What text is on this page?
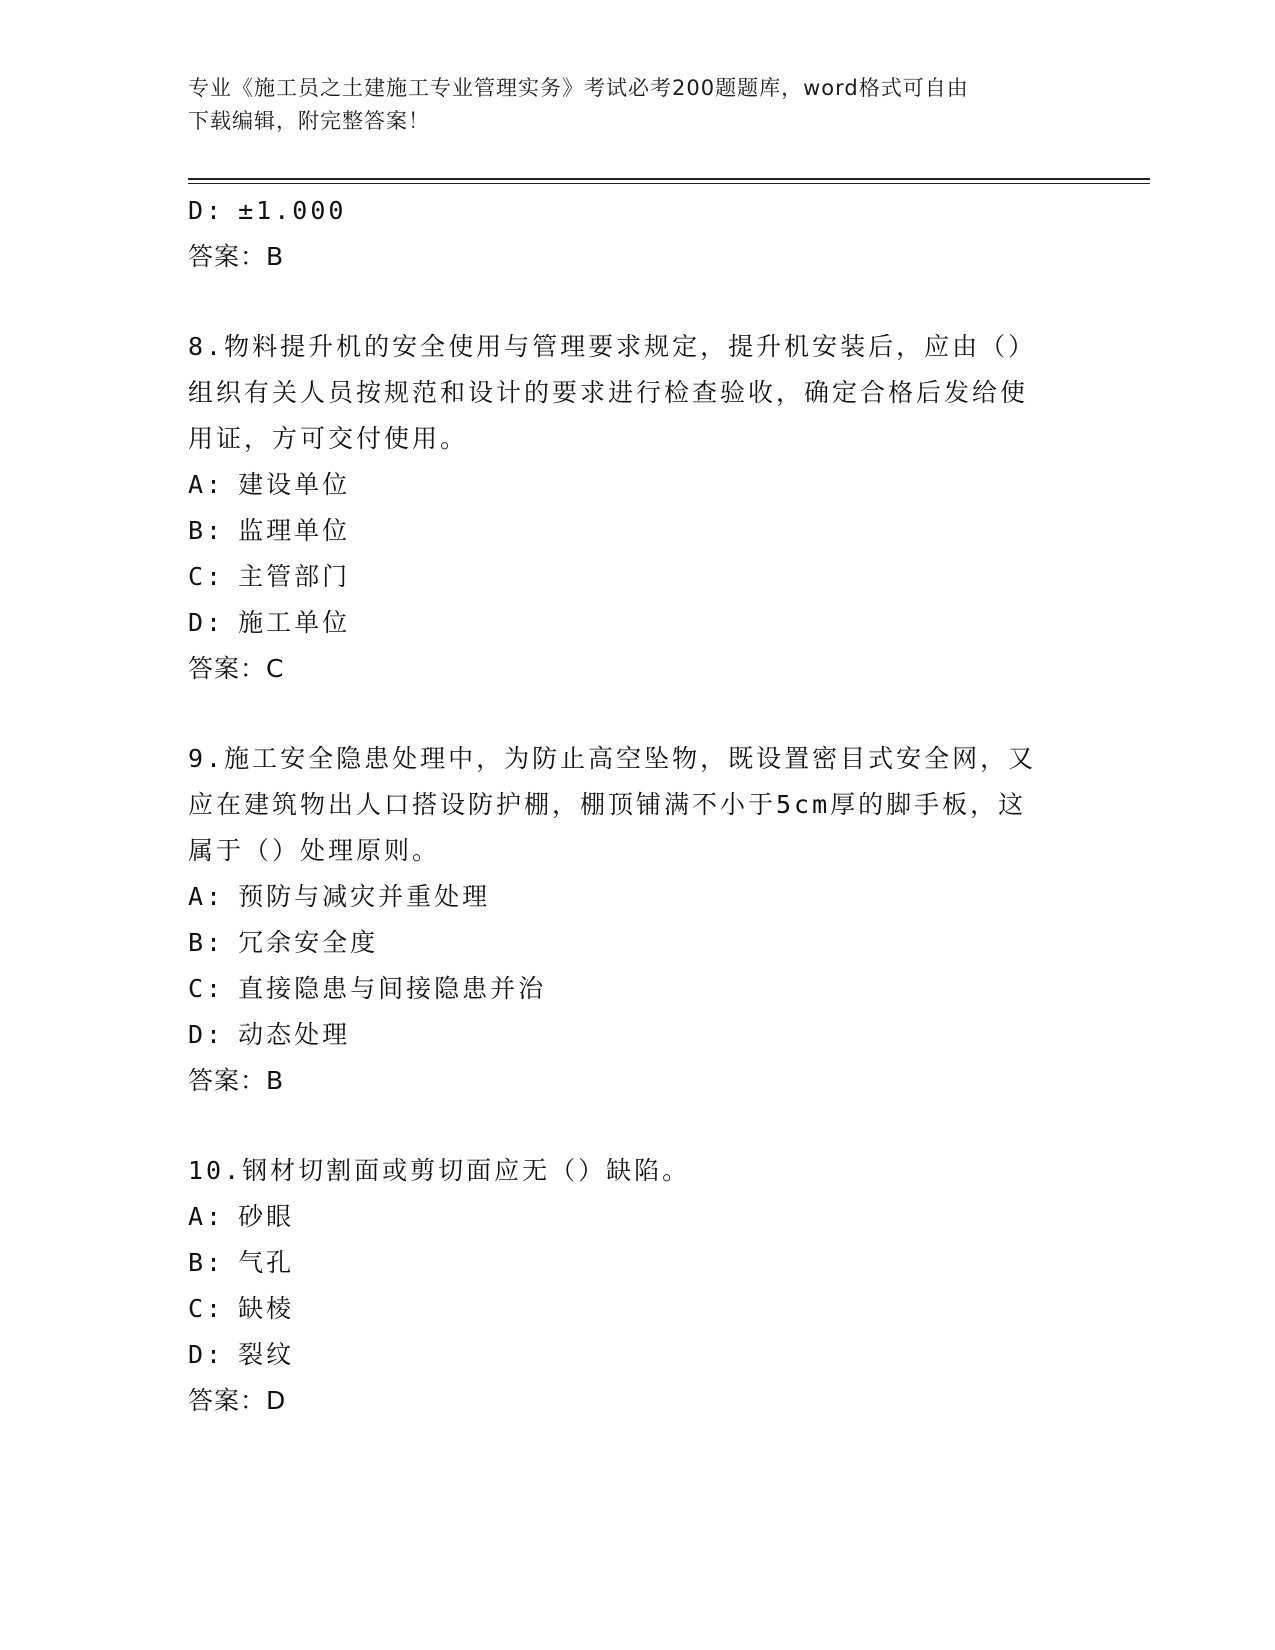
专业《施工员之土建施工专业管理实务》考试必考200题题库，word格式可自由
下载编辑，附完整答案！
D: ±1.000
答案：B
8.物料提升机的安全使用与管理要求规定，提升机安装后，应由（）
组织有关人员按规范和设计的要求进行检查验收，确定合格后发给使
用证，方可交付使用。
A: 建设单位
B: 监理单位
C: 主管部门
D: 施工单位
答案：C
9.施工安全隐患处理中，为防止高空坠物，既设置密目式安全网，又
应在建筑物出人口搭设防护棚，棚顶铺满不小于5cm厚的脚手板，这
属于（）处理原则。
A: 预防与减灾并重处理
B: 冗余安全度
C: 直接隐患与间接隐患并治
D: 动态处理
答案：B
10.钢材切割面或剪切面应无（）缺陷。
A: 砂眼
B: 气孔
C: 缺棱
D: 裂纹
答案：D
